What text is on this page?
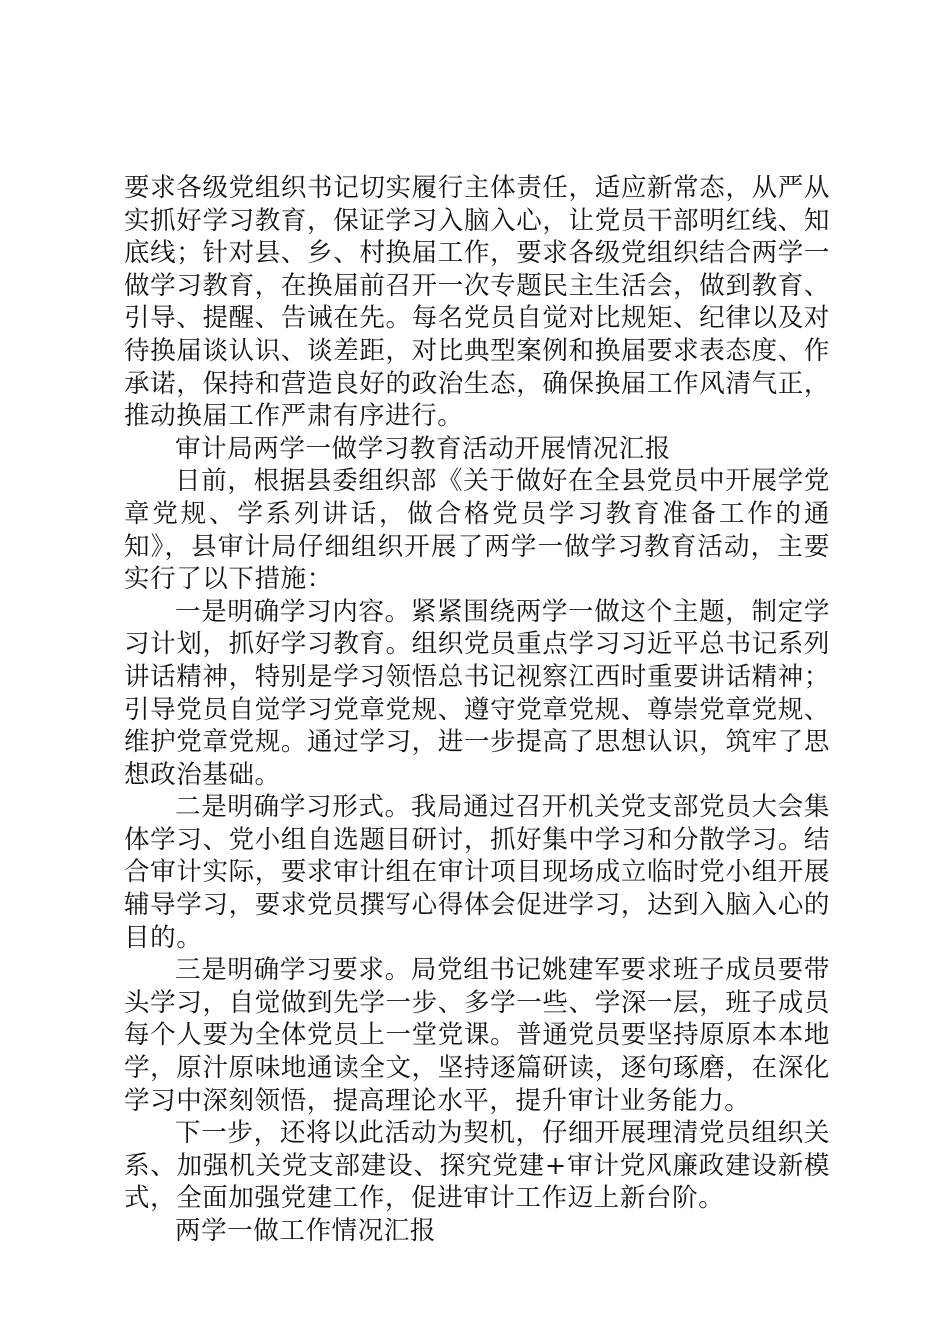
要求各级党组织书记切实履行主体责任，适应新常态，从严从实抓好学习教育，保证学习入脑入心，让党员干部明红线、知底线；针对县、乡、村换届工作，要求各级党组织结合两学一做学习教育，在换届前召开一次专题民主生活会，做到教育、引导、提醒、告诫在先。每名党员自觉对比规矩、纪律以及对待换届谈认识、谈差距，对比典型案例和换届要求表态度、作承诺，保持和营造良好的政治生态，确保换届工作风清气正，推动换届工作严肃有序进行。

审计局两学一做学习教育活动开展情况汇报

日前，根据县委组织部《关于做好在全县党员中开展学党章党规、学系列讲话，做合格党员学习教育准备工作的通知》，县审计局仔细组织开展了两学一做学习教育活动，主要实行了以下措施：

一是明确学习内容。紧紧围绕两学一做这个主题，制定学习计划，抓好学习教育。组织党员重点学习习近平总书记系列讲话精神，特别是学习领悟总书记视察江西时重要讲话精神；引导党员自觉学习党章党规、遵守党章党规、尊崇党章党规、维护党章党规。通过学习，进一步提高了思想认识，筑牢了思想政治基础。

二是明确学习形式。我局通过召开机关党支部党员大会集体学习、党小组自选题目研讨，抓好集中学习和分散学习。结合审计实际，要求审计组在审计项目现场成立临时党小组开展辅导学习，要求党员撰写心得体会促进学习，达到入脑入心的目的。

三是明确学习要求。局党组书记姚建军要求班子成员要带头学习，自觉做到先学一步、多学一些、学深一层，班子成员每个人要为全体党员上一堂党课。普通党员要坚持原原本本地学，原汁原味地通读全文，坚持逐篇研读，逐句琢磨，在深化学习中深刻领悟，提高理论水平，提升审计业务能力。

下一步，还将以此活动为契机，仔细开展理清党员组织关系、加强机关党支部建设、探究党建+审计党风廉政建设新模式，全面加强党建工作，促进审计工作迈上新台阶。

两学一做工作情况汇报
